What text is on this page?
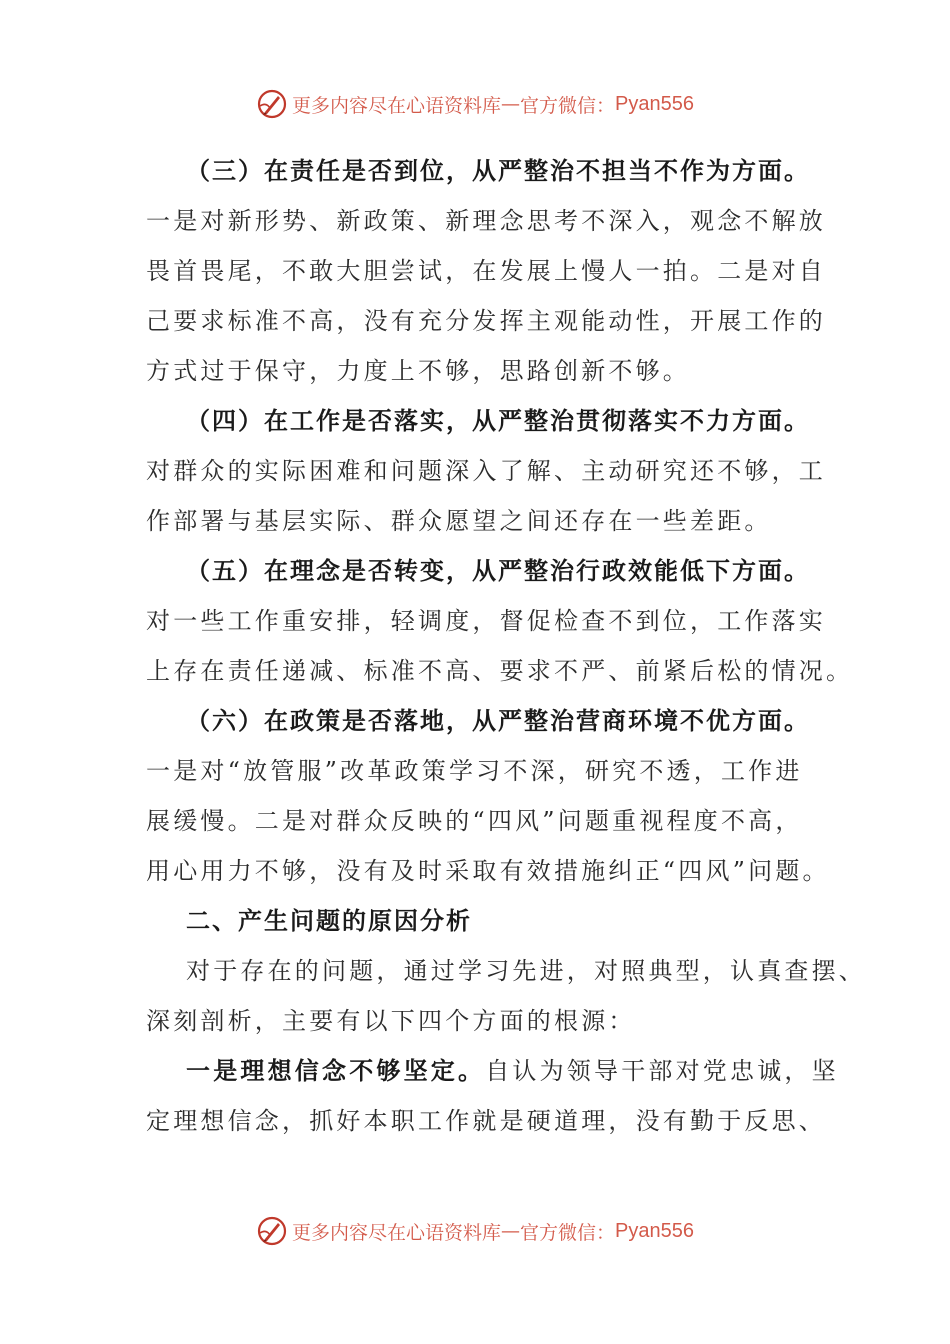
更多内容尽在心语资料库 — 官方微信： Pyan556

（三）在责任是否到位，从严整治不担当不作为方面。

一是对新形势、新政策、新理念思考不深入，观念不解放
畏首畏尾，不敢大胆尝试，在发展上慢人一拍。二是对自
己要求标准不高，没有充分发挥主观能动性，开展工作的
方式过于保守，力度上不够，思路创新不够。

（四）在工作是否落实，从严整治贯彻落实不力方面。

对群众的实际困难和问题深入了解、主动研究还不够，工
作部署与基层实际、群众愿望之间还存在一些差距。

（五）在理念是否转变，从严整治行政效能低下方面。

对一些工作重安排，轻调度，督促检查不到位，工作落实
上存在责任递减、标准不高、要求不严、前紧后松的情况。

（六）在政策是否落地，从严整治营商环境不优方面。

一是对“放管服”改革政策学习不深，研究不透，工作进
展缓慢。二是对群众反映的“四风”问题重视程度不高，
用心用力不够，没有及时采取有效措施纠正“四风”问题。

二、产生问题的原因分析

对于存在的问题，通过学习先进，对照典型，认真查摆、
深刻剖析，主要有以下四个方面的根源：

一是理想信念不够坚定。自认为领导干部对党忠诚，坚
定理想信念，抓好本职工作就是硬道理，没有勤于反思、

更多内容尽在心语资料库 — 官方微信： Pyan556
